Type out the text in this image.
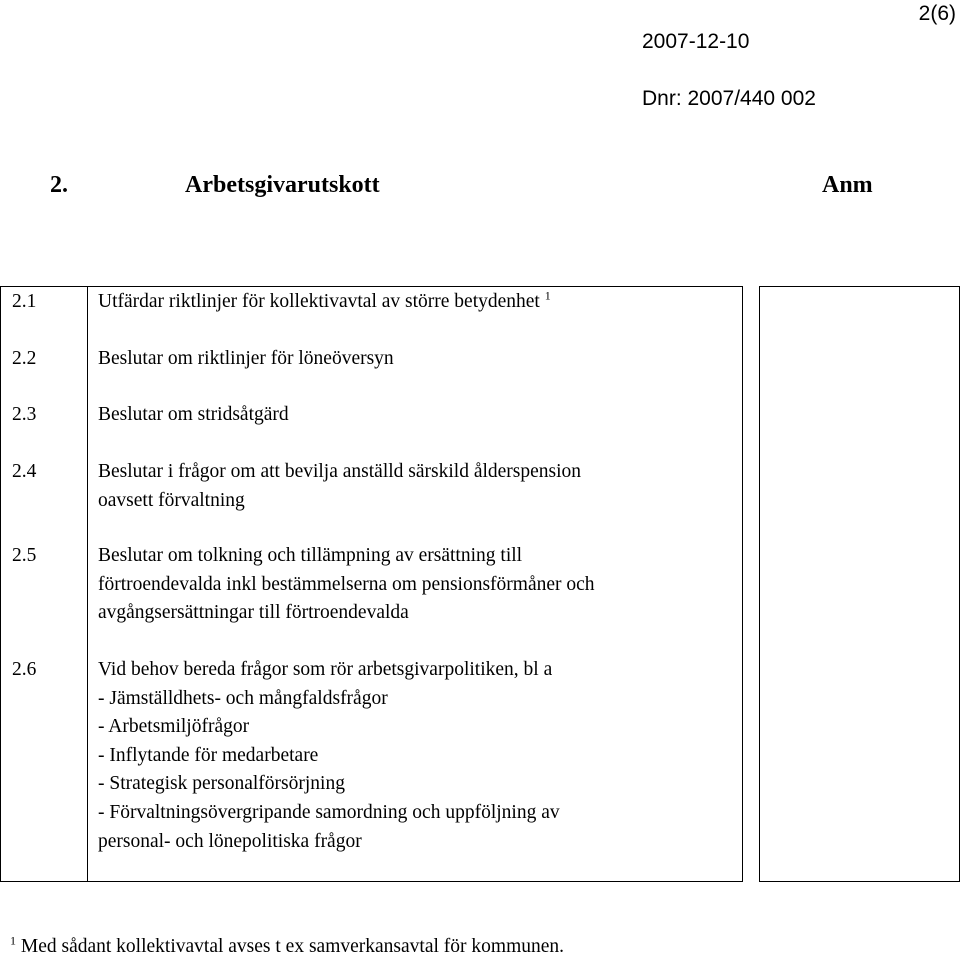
2(6)
2007-12-10
Dnr: 2007/440 002
2.	Arbetsgivarutskott	Anm
2.1	Utfärdar riktlinjer för kollektivavtal av större betydenhet $^1$
2.2	Beslutar om riktlinjer för löneöversyn
2.3	Beslutar om stridsåtgärd
2.4	Beslutar i frågor om att bevilja anställd särskild ålderspension
oavsett förvaltning
2.5	Beslutar om tolkning och tillämpning av ersättning till
förtroendevalda inkl bestämmelserna om pensionsförmåner och
avgångsersättningar till förtroendevalda
2.6	Vid behov bereda frågor som rör arbetsgivarpolitiken, bl a
- Jämställdhets- och mångfaldsfrågor
- Arbetsmiljöfrågor
- Inflytande för medarbetare
- Strategisk personalförsörjning
- Förvaltningsövergripande samordning och uppföljning av
personal- och lönepolitiska frågor
$^1$ Med sådant kollektivavtal avses t ex samverkansavtal för kommunen.
